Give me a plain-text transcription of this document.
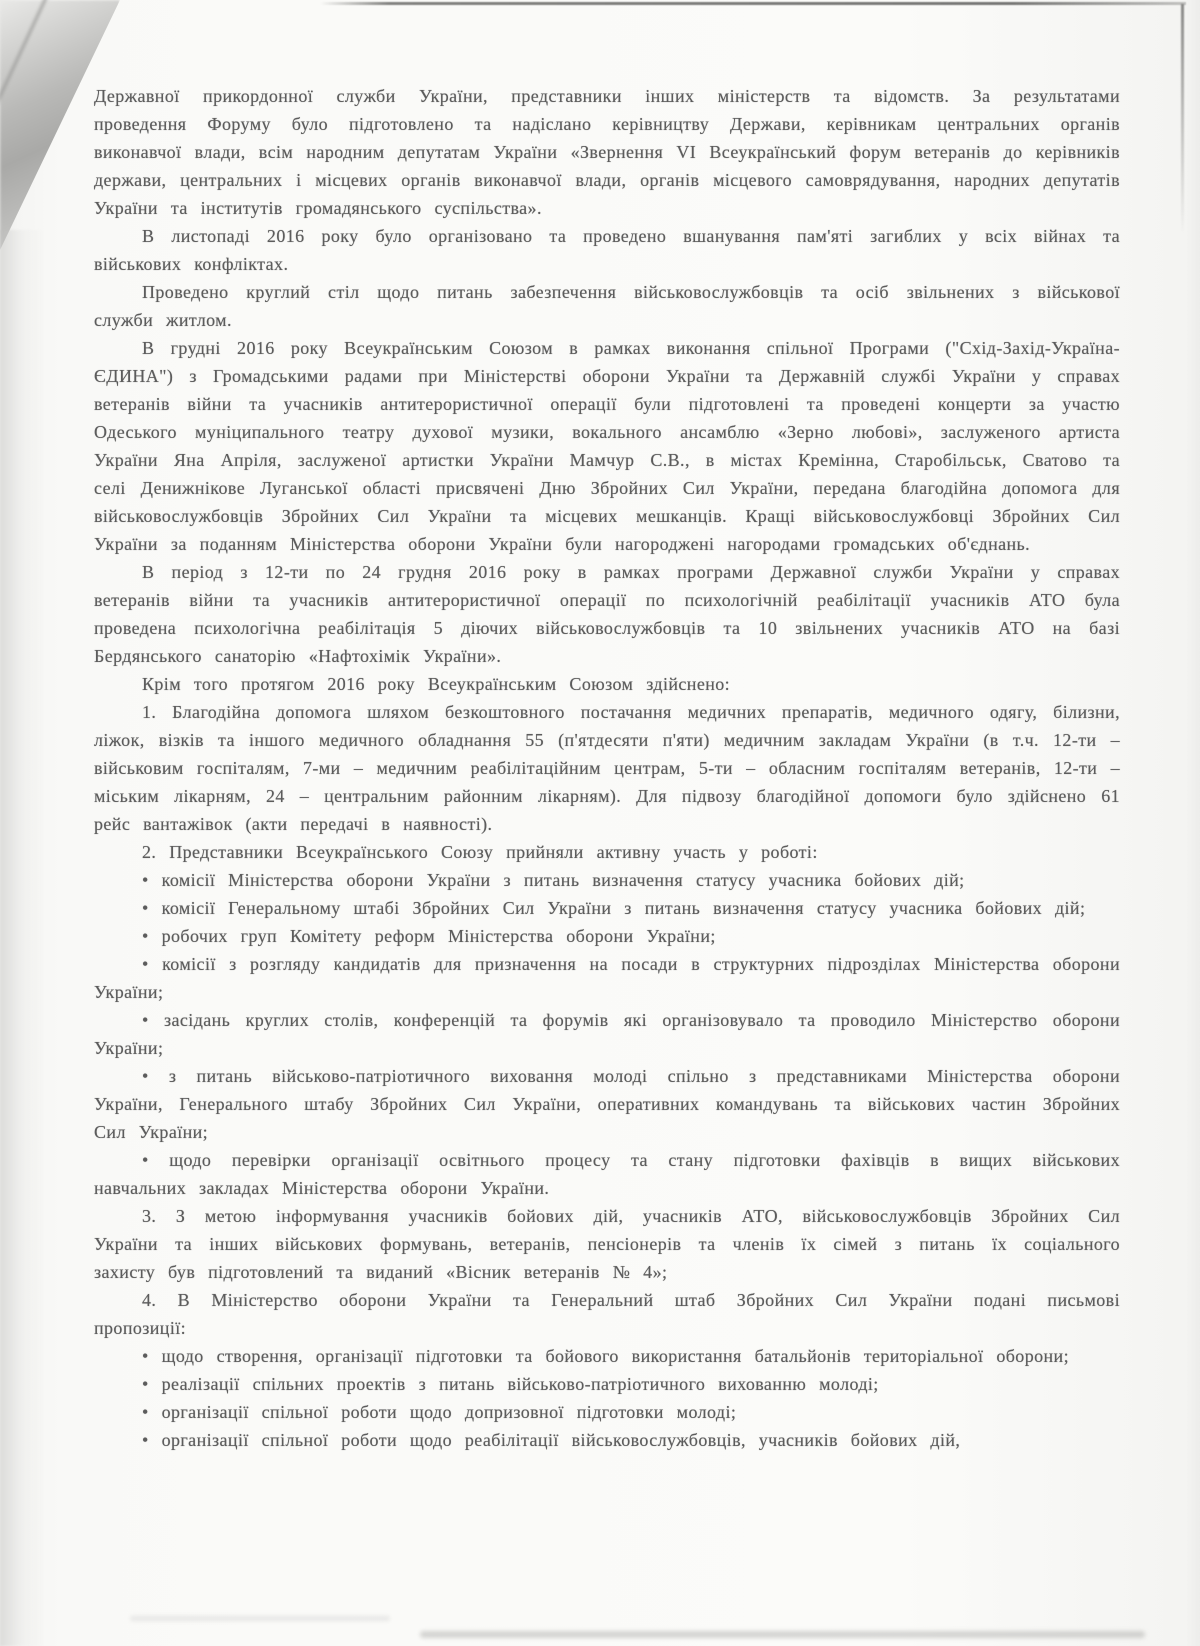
Державної прикордонної служби України, представники інших міністерств та відомств. За результатами проведення Форуму було підготовлено та надіслано керівництву Держави, керівникам центральних органів виконавчої влади, всім народним депутатам України «Звернення VI Всеукраїнський форум ветеранів до керівників держави, центральних і місцевих органів виконавчої влади, органів місцевого самоврядування, народних депутатів України та інститутів громадянського суспільства».

В листопаді 2016 року було організовано та проведено вшанування пам'яті загиблих у всіх війнах та військових конфліктах.

Проведено круглий стіл щодо питань забезпечення військовослужбовців та осіб звільнених з військової служби житлом.

В грудні 2016 року Всеукраїнським Союзом в рамках виконання спільної Програми ("Схід-Захід-Україна-ЄДИНА") з Громадськими радами при Міністерстві оборони України та Державній службі України у справах ветеранів війни та учасників антитерористичної операції були підготовлені та проведені концерти за участю Одеського муніципального театру духової музики, вокального ансамблю «Зерно любові», заслуженого артиста України Яна Апріля, заслуженої артистки України Мамчур С.В., в містах Кремінна, Старобільськ, Сватово та селі Денижнікове Луганської області присвячені Дню Збройних Сил України, передана благодійна допомога для військовослужбовців Збройних Сил України та місцевих мешканців. Кращі військовослужбовці Збройних Сил України за поданням Міністерства оборони України були нагороджені нагородами громадських об'єднань.

В період з 12-ти по 24 грудня 2016 року в рамках програми Державної служби України у справах ветеранів війни та учасників антитерористичної операції по психологічній реабілітації учасників АТО була проведена психологічна реабілітація 5 діючих військовослужбовців та 10 звільнених учасників АТО на базі Бердянського санаторію «Нафтохімік України».

Крім того протягом 2016 року Всеукраїнським Союзом здійснено:

1. Благодійна допомога шляхом безкоштовного постачання медичних препаратів, медичного одягу, білизни, ліжок, візків та іншого медичного обладнання 55 (п'ятдесяти п'яти) медичним закладам України (в т.ч. 12-ти – військовим госпіталям, 7-ми – медичним реабілітаційним центрам, 5-ти – обласним госпіталям ветеранів, 12-ти – міським лікарням, 24 – центральним районним лікарням). Для підвозу благодійної допомоги було здійснено 61 рейс вантажівок (акти передачі в наявності).

2. Представники Всеукраїнського Союзу прийняли активну участь у роботі:

• комісії Міністерства оборони України з питань визначення статусу учасника бойових дій;

• комісії Генеральному штабі Збройних Сил України з питань визначення статусу учасника бойових дій;

• робочих груп Комітету реформ Міністерства оборони України;

• комісії з розгляду кандидатів для призначення на посади в структурних підрозділах Міністерства оборони України;

• засідань круглих столів, конференцій та форумів які організовувало та проводило Міністерство оборони України;

• з питань військово-патріотичного виховання молоді спільно з представниками Міністерства оборони України, Генерального штабу Збройних Сил України, оперативних командувань та військових частин Збройних Сил України;

• щодо перевірки організації освітнього процесу та стану підготовки фахівців в вищих військових навчальних закладах Міністерства оборони України.

3. З метою інформування учасників бойових дій, учасників АТО, військовослужбовців Збройних Сил України та інших військових формувань, ветеранів, пенсіонерів та членів їх сімей з питань їх соціального захисту був підготовлений та виданий «Вісник ветеранів № 4»;

4. В Міністерство оборони України та Генеральний штаб Збройних Сил України подані письмові пропозиції:

• щодо створення, організації підготовки та бойового використання батальйонів територіальної оборони;

• реалізації спільних проектів з питань військово-патріотичного вихованню молоді;

• організації спільної роботи щодо допризовної підготовки молоді;

• організації спільної роботи щодо реабілітації військовослужбовців, учасників бойових дій,
